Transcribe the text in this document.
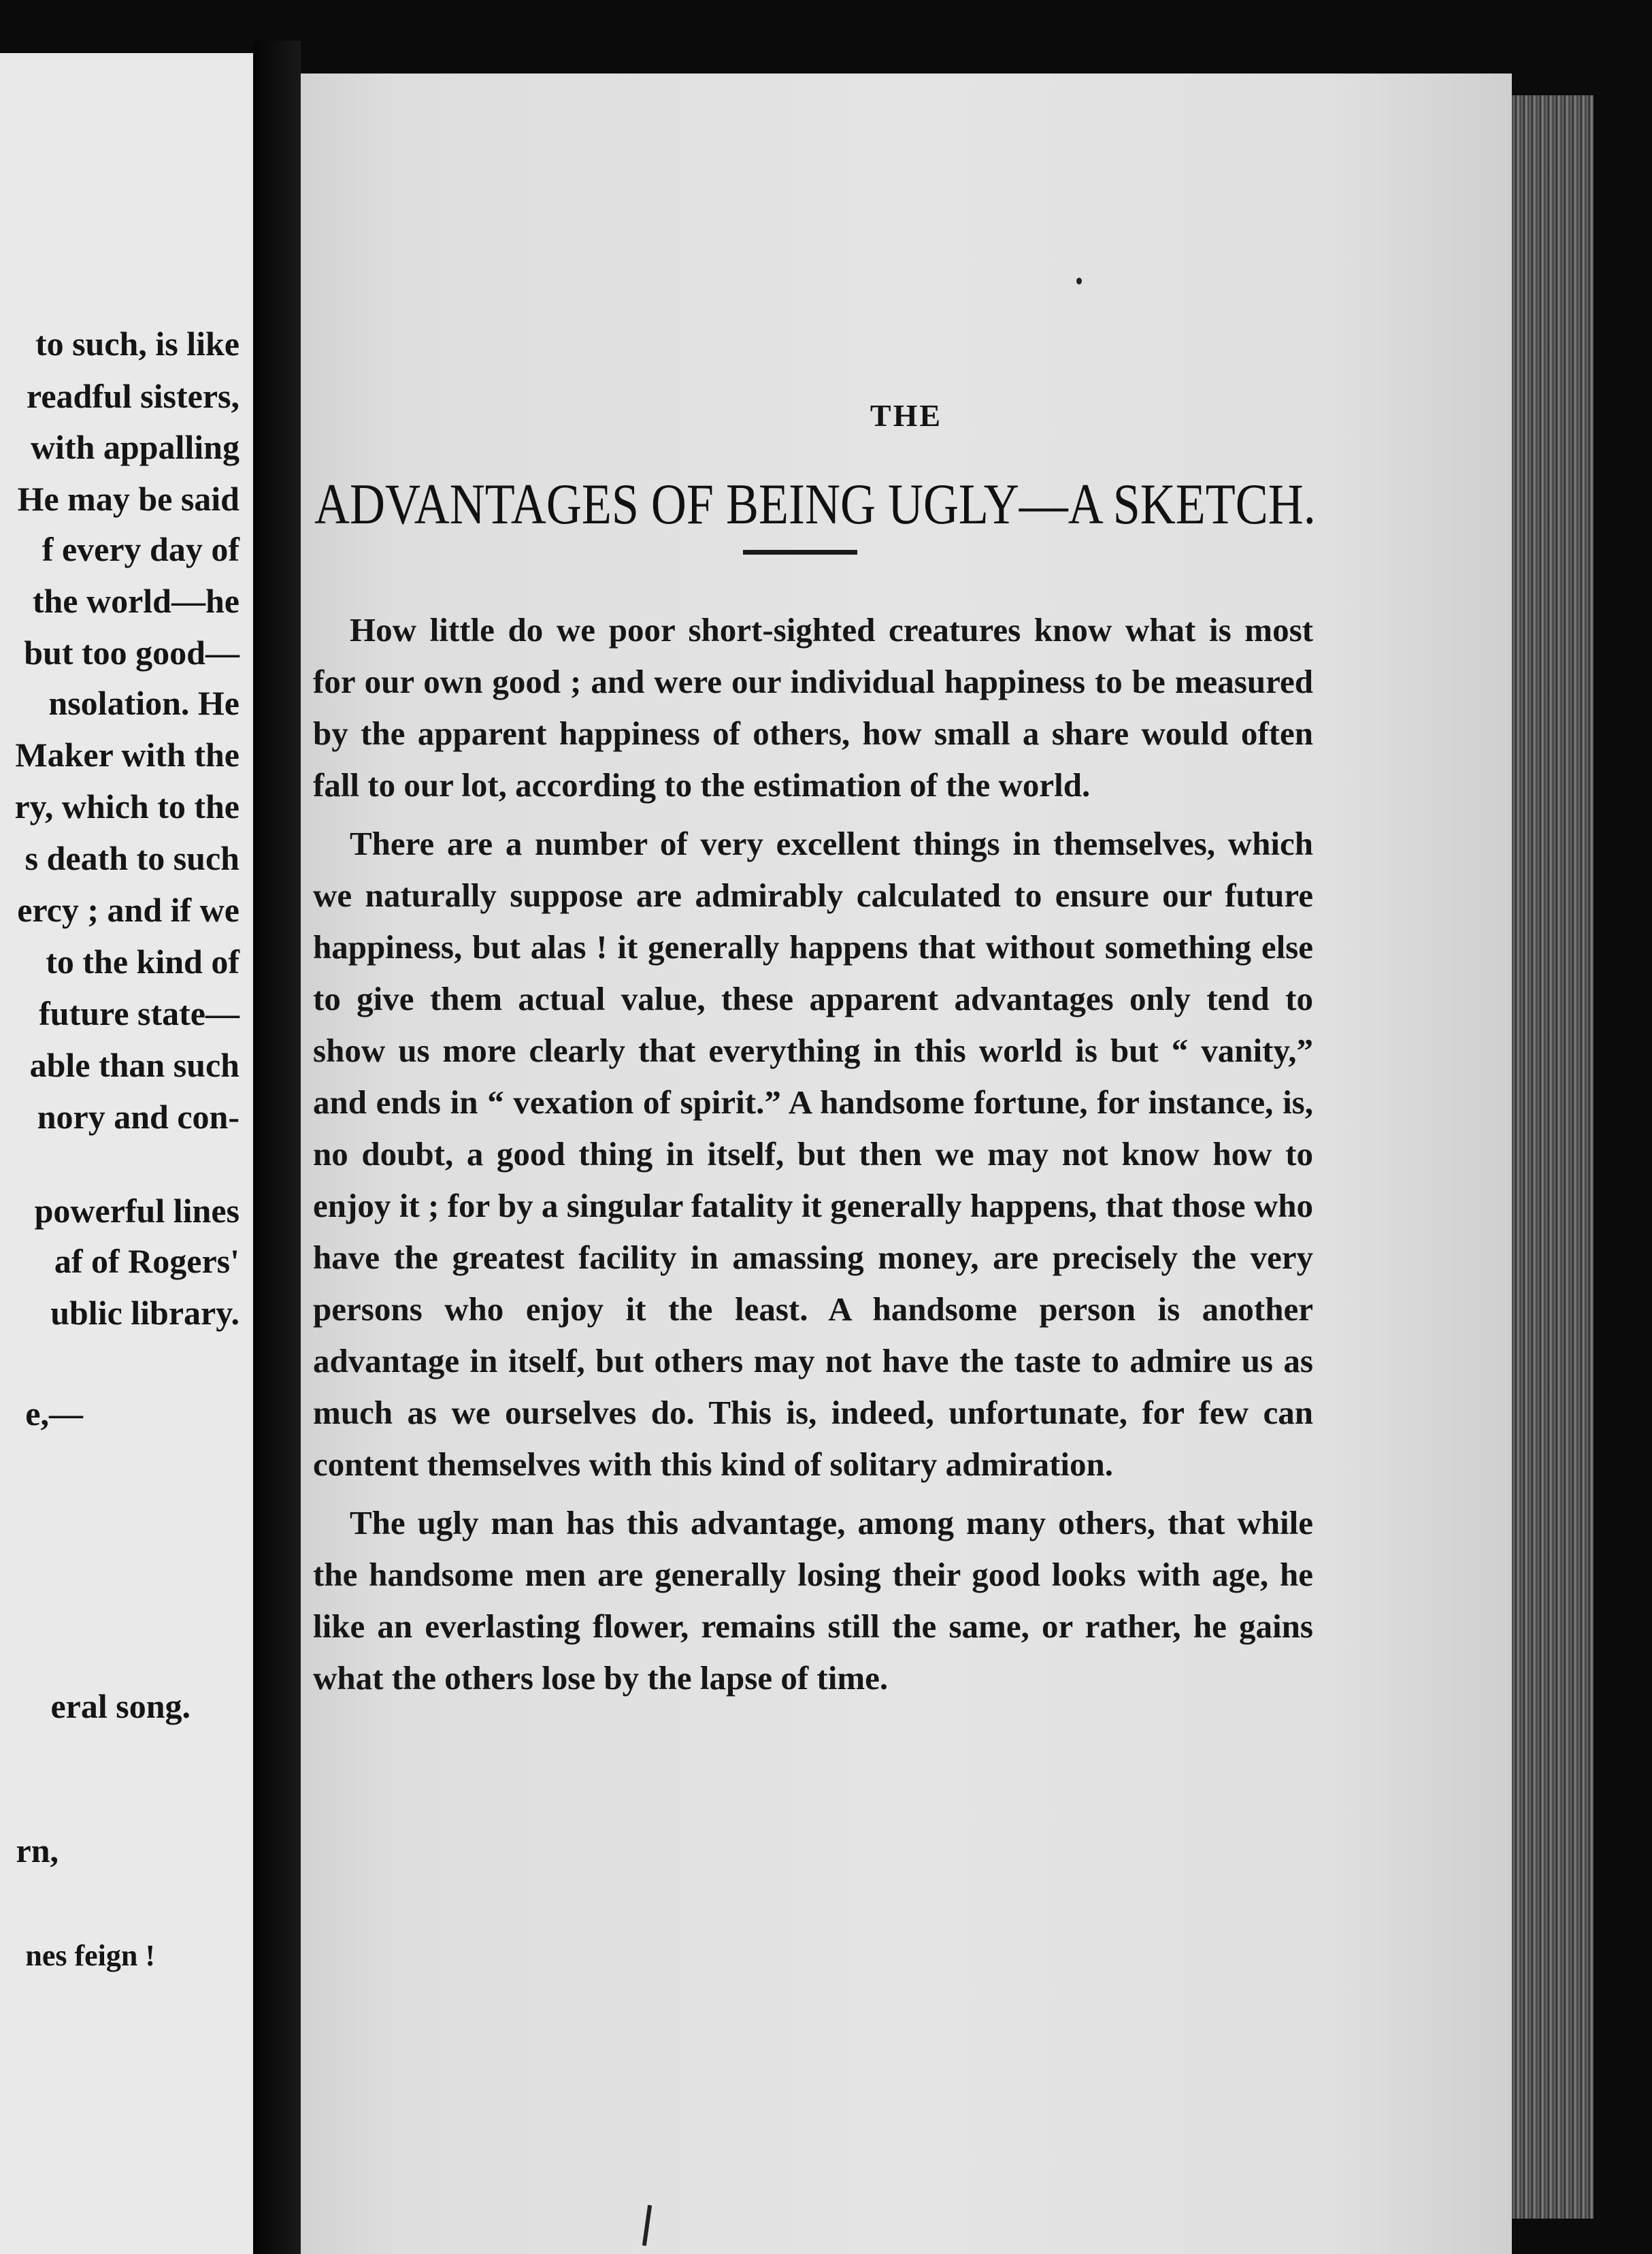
to such, is like
readful sisters,
with appalling
He may be said
f every day of
the world—he
but too good—
nsolation. He
Maker with the
ry, which to the
s death to such
ercy ; and if we
to the kind of
future state—
able than such
nory and con-
powerful lines
af of Rogers'
ublic library.
e,—
eral song.
rn,
nes feign !
THE
ADVANTAGES OF BEING UGLY—A SKETCH.

How little do we poor short-sighted creatures know what is most for our own good ; and were our individual happiness to be measured by the apparent happiness of others, how small a share would often fall to our lot, according to the estimation of the world.

There are a number of very excellent things in themselves, which we naturally suppose are admirably calculated to ensure our future happiness, but alas ! it generally happens that without something else to give them actual value, these apparent advantages only tend to show us more clearly that everything in this world is but “ vanity,” and ends in “ vexation of spirit.” A handsome fortune, for instance, is, no doubt, a good thing in itself, but then we may not know how to enjoy it ; for by a singular fatality it generally happens, that those who have the greatest facility in amassing money, are precisely the very persons who enjoy it the least. A handsome person is another advantage in itself, but others may not have the taste to admire us as much as we ourselves do. This is, indeed, unfortunate, for few can content themselves with this kind of solitary admiration.

The ugly man has this advantage, among many others, that while the handsome men are generally losing their good looks with age, he like an everlasting flower, remains still the same, or rather, he gains what the others lose by the lapse of time.
